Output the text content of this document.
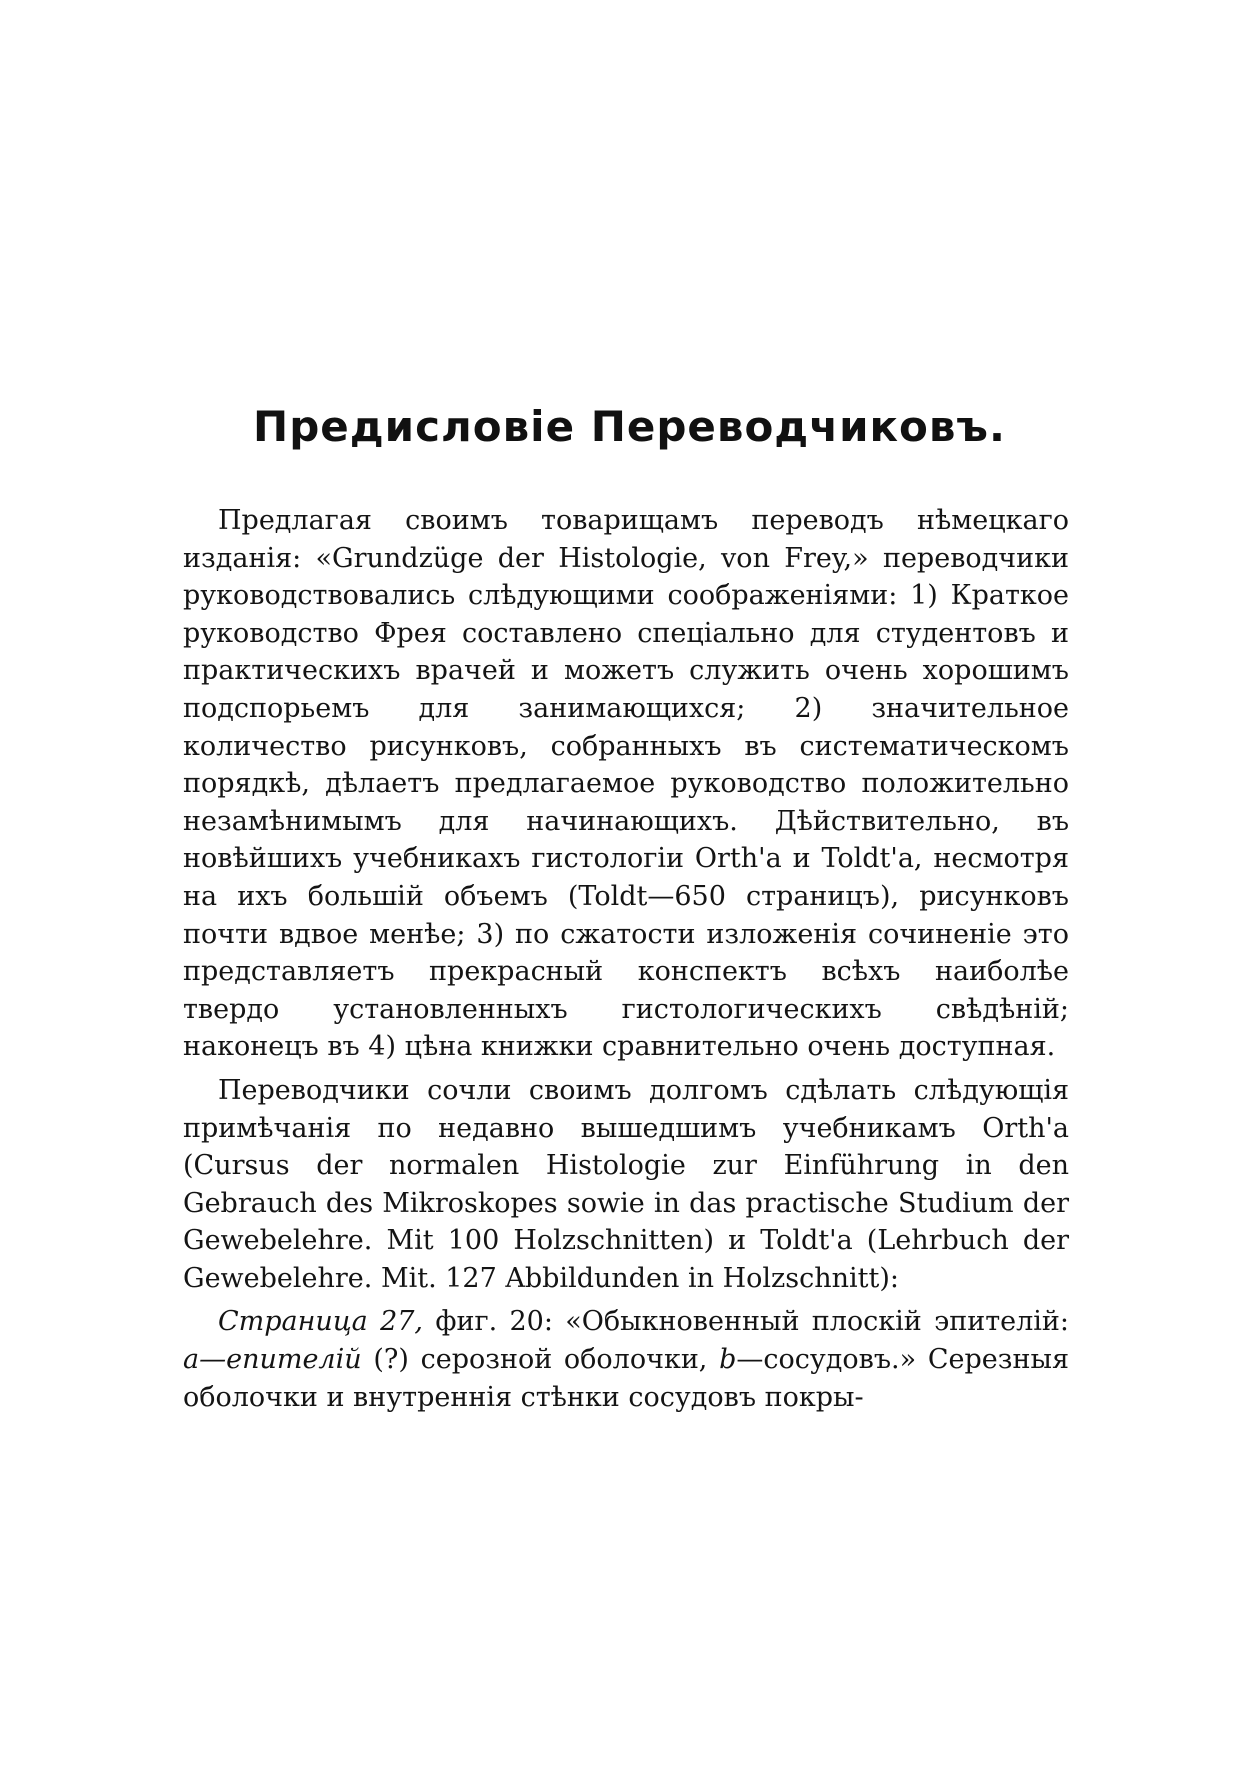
Предисловіе Переводчиковъ.

Предлагая своимъ товарищамъ переводъ нѣмецкаго изданія: «Grundzüge der Histologie, von Frey,» переводчики руководствовались слѣдующими соображеніями: 1) Краткое руководство Фрея составлено спеціально для студентовъ и практическихъ врачей и можетъ служить очень хорошимъ подспорьемъ для занимающихся; 2) значительное количество рисунковъ, собранныхъ въ систематическомъ порядкѣ, дѣлаетъ предлагаемое руководство положительно незамѣнимымъ для начинающихъ. Дѣйствительно, въ новѣйшихъ учебникахъ гистологіи Orth'a и Toldt'a, несмотря на ихъ большій объемъ (Toldt—650 страницъ), рисунковъ почти вдвое менѣе; 3) по сжатости изложенія сочиненіе это представляетъ прекрасный конспектъ всѣхъ наиболѣе твердо установленныхъ гистологическихъ свѣдѣній; наконецъ въ 4) цѣна книжки сравнительно очень доступная.

Переводчики сочли своимъ долгомъ сдѣлать слѣдующія примѣчанія по недавно вышедшимъ учебникамъ Orth'a (Cursus der normalen Histologie zur Einführung in den Gebrauch des Mikroskopes sowie in das practische Studium der Gewebelehre. Mit 100 Holzschnitten) и Toldt'a (Lehrbuch der Gewebelehre. Mit. 127 Abbildunden in Holzschnitt):

Страница 27, фиг. 20: «Обыкновенный плоскій эпителій: a—епителій (?) серозной оболочки, b—сосудовъ.» Серезныя оболочки и внутреннія стѣнки сосудовъ покры-
